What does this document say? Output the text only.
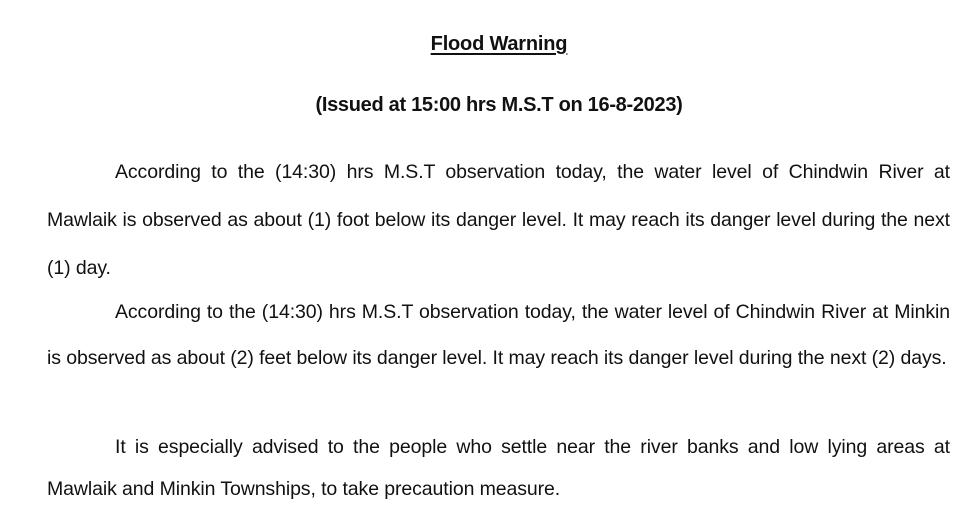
Flood Warning
(Issued at 15:00 hrs M.S.T on 16-8-2023)

According to the (14:30) hrs M.S.T observation today, the water level of Chindwin River at Mawlaik is observed as about (1) foot below its danger level. It may reach its danger level during the next (1) day.

According to the (14:30) hrs M.S.T observation today, the water level of Chindwin River at Minkin is observed as about (2) feet below its danger level. It may reach its danger level during the next (2) days.

It is especially advised to the people who settle near the river banks and low lying areas at Mawlaik and Minkin Townships, to take precaution measure.
